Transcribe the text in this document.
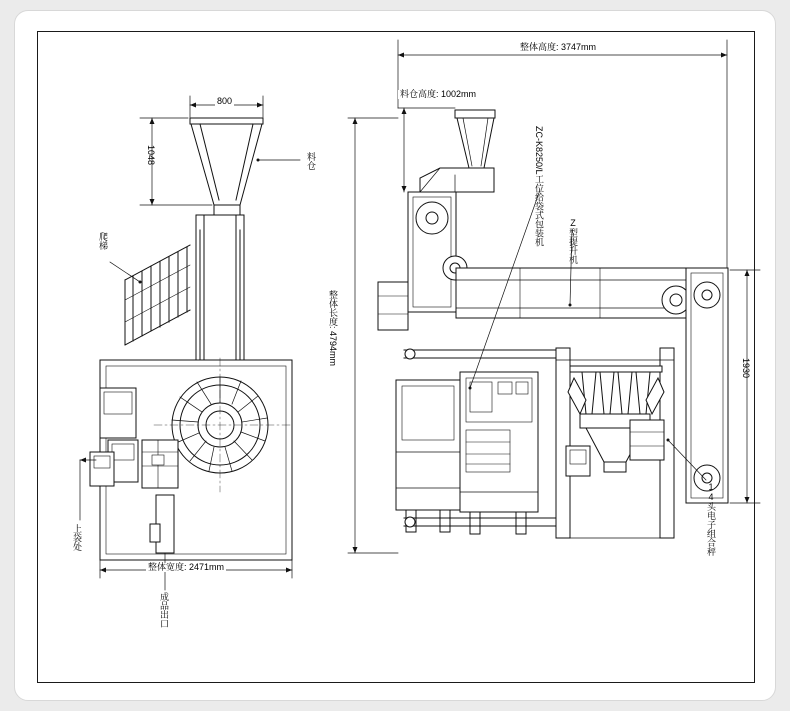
整体高度: 3747mm
料仓高度: 1002mm
800
1048
1930
料仓
爬梯	Z型提升机
ZC-K8250/L工位给袋式包装机
14头电子组合秤
上袋处
成品出口
整体长度: 4794mm
整体宽度: 2471mm
